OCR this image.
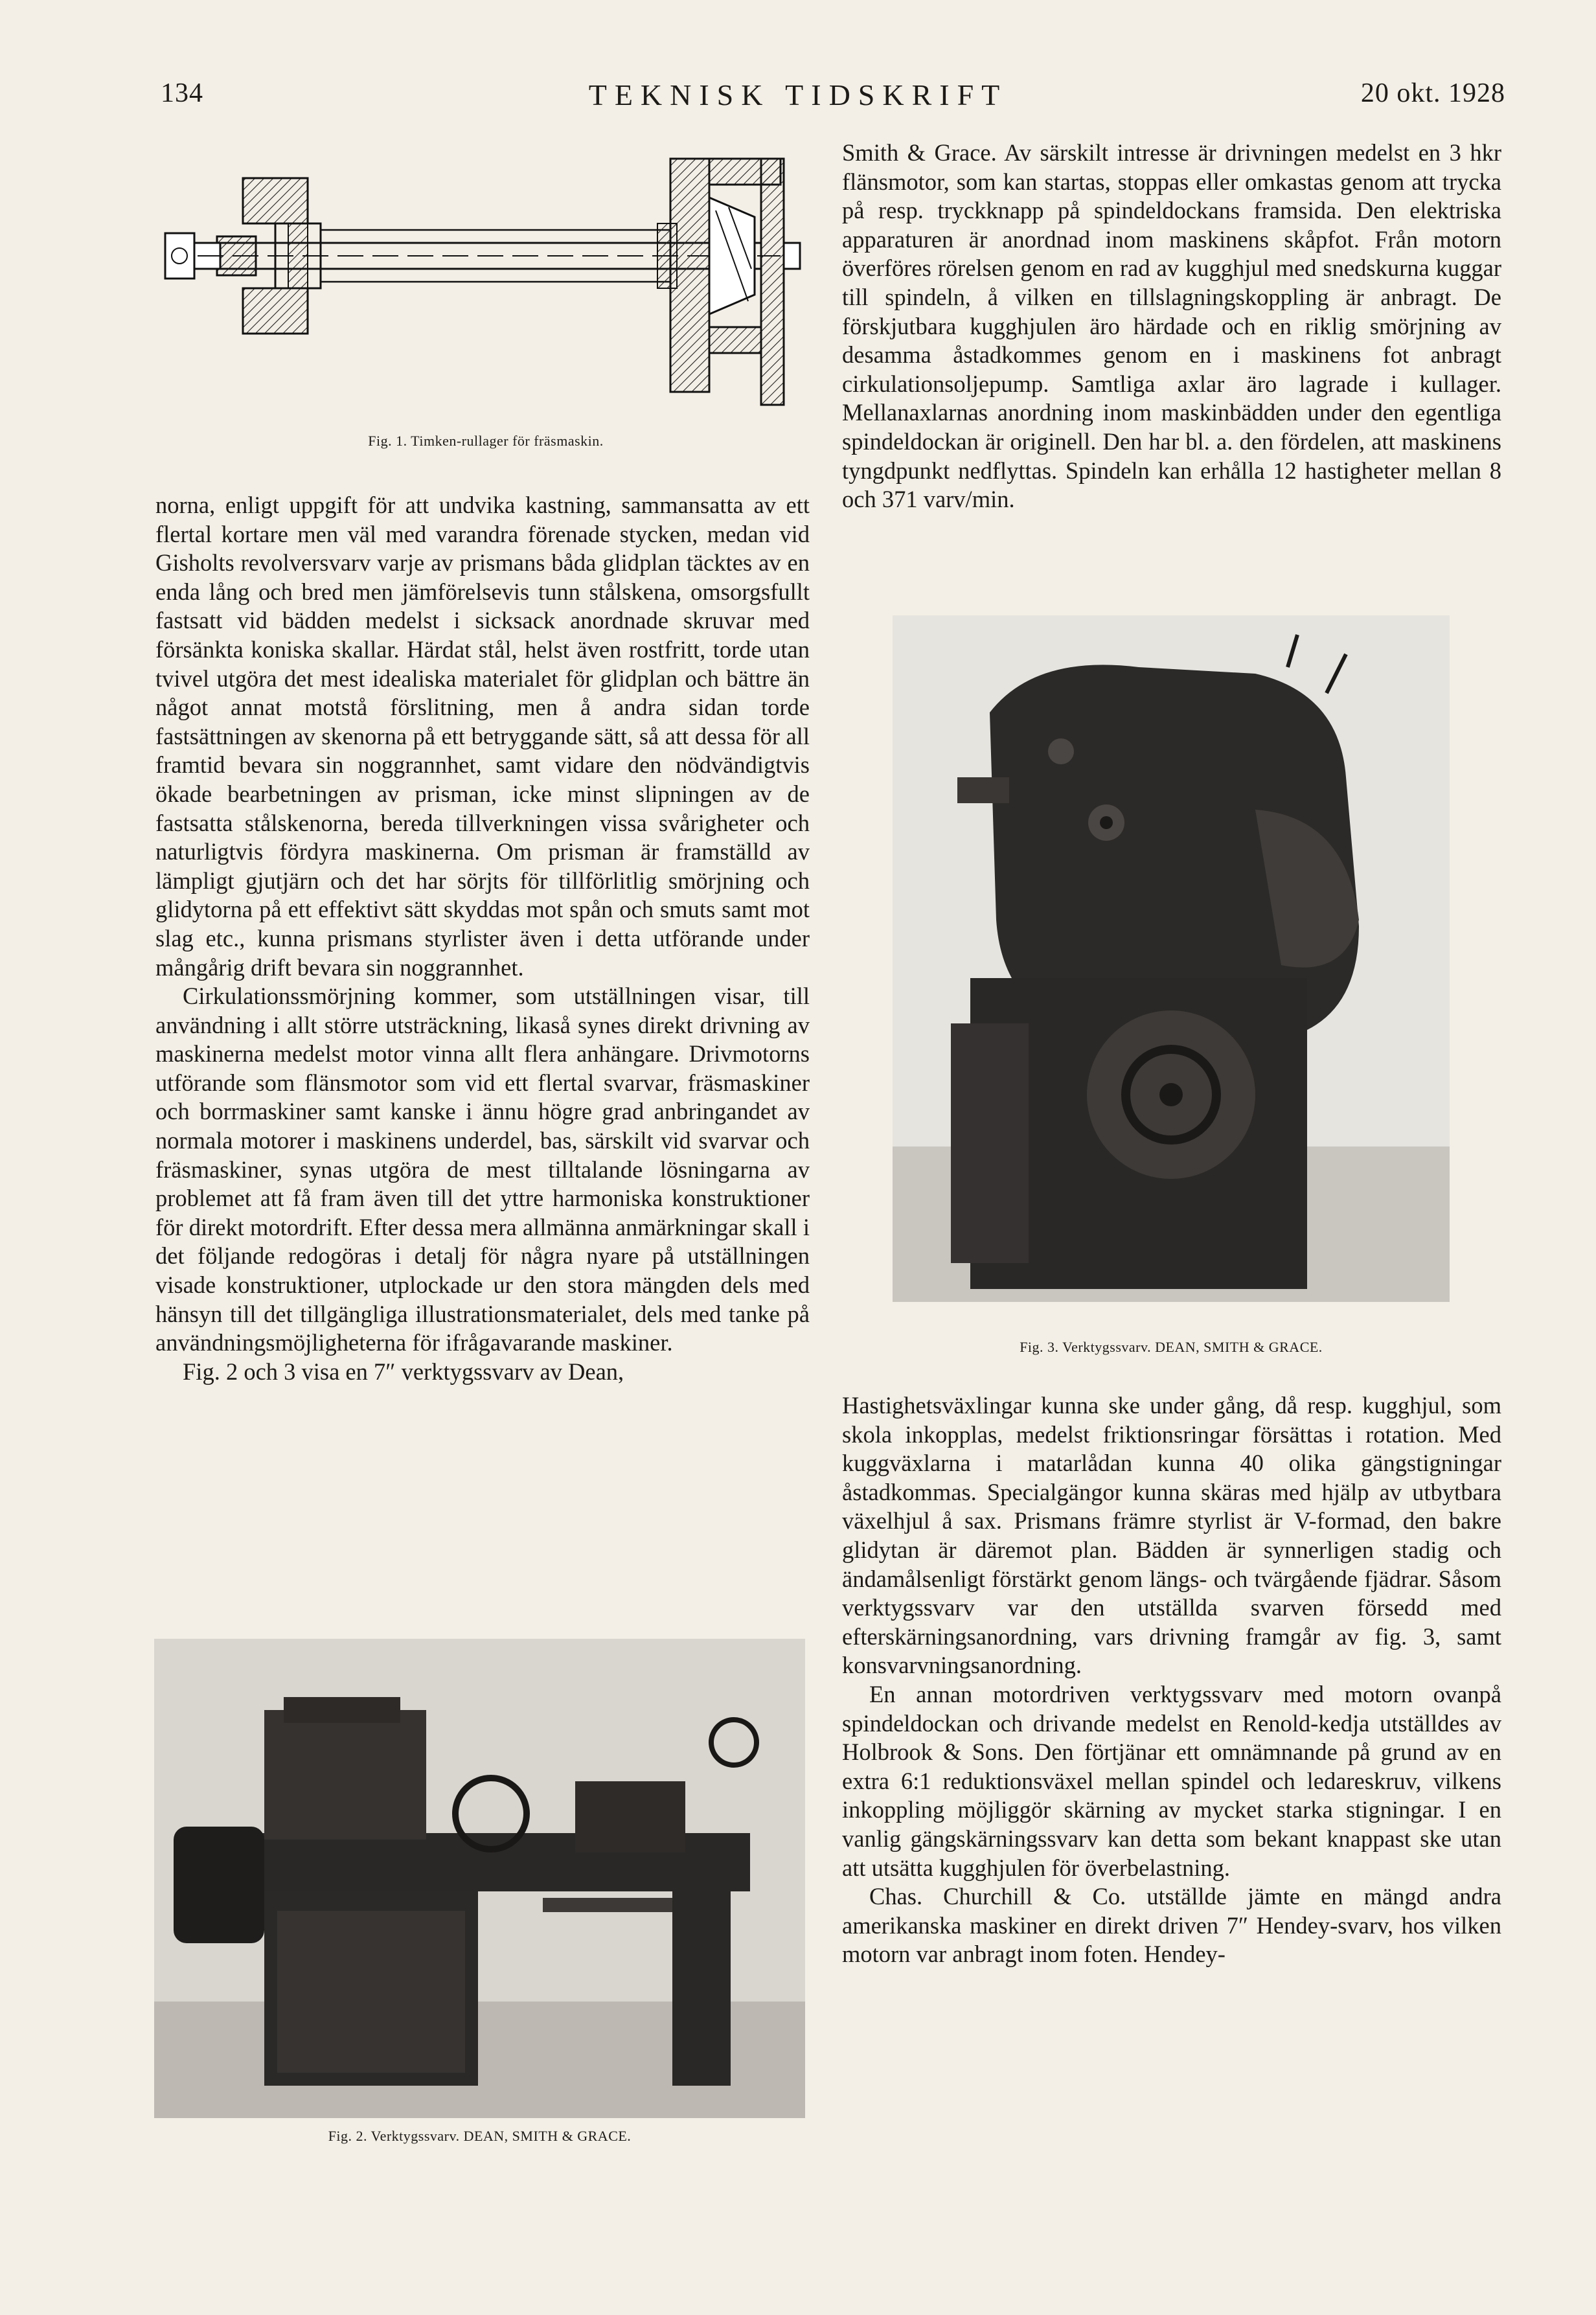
134	TEKNISK TIDSKRIFT	20 okt. 1928
Fig. 1. Timken-rullager för fräsmaskin.

norna, enligt uppgift för att undvika kastning, sammansatta av ett flertal kortare men väl med varandra förenade stycken, medan vid Gisholts revolversvarv varje av prismans båda glidplan täcktes av en enda lång och bred men jämförelsevis tunn stålskena, omsorgsfullt fastsatt vid bädden medelst i sicksack anordnade skruvar med försänkta koniska skallar. Härdat stål, helst även rostfritt, torde utan tvivel utgöra det mest idealiska materialet för glidplan och bättre än något annat motstå förslitning, men å andra sidan torde fastsättningen av skenorna på ett betryggande sätt, så att dessa för all framtid bevara sin noggrannhet, samt vidare den nödvändigtvis ökade bearbetningen av prisman, icke minst slipningen av de fastsatta stålskenorna, bereda tillverkningen vissa svårigheter och naturligtvis fördyra maskinerna. Om prisman är framställd av lämpligt gjutjärn och det har sörjts för tillförlitlig smörjning och glidytorna på ett effektivt sätt skyddas mot spån och smuts samt mot slag etc., kunna prismans styrlister även i detta utförande under mångårig drift bevara sin noggrannhet.

Cirkulationssmörjning kommer, som utställningen visar, till användning i allt större utsträckning, likaså synes direkt drivning av maskinerna medelst motor vinna allt flera anhängare. Drivmotorns utförande som flänsmotor som vid ett flertal svarvar, fräsmaskiner och borrmaskiner samt kanske i ännu högre grad anbringandet av normala motorer i maskinens underdel, bas, särskilt vid svarvar och fräsmaskiner, synas utgöra de mest tilltalande lösningarna av problemet att få fram även till det yttre harmoniska konstruktioner för direkt motordrift. Efter dessa mera allmänna anmärkningar skall i det följande redogöras i detalj för några nyare på utställningen visade konstruktioner, utplockade ur den stora mängden dels med hänsyn till det tillgängliga illustrationsmaterialet, dels med tanke på användningsmöjligheterna för ifrågavarande maskiner.

Fig. 2 och 3 visa en 7″ verktygssvarv av Dean,

Fig. 2. Verktygssvarv. DEAN, SMITH & GRACE.

Smith & Grace. Av särskilt intresse är drivningen medelst en 3 hkr flänsmotor, som kan startas, stoppas eller omkastas genom att trycka på resp. tryckknapp på spindeldockans framsida. Den elektriska apparaturen är anordnad inom maskinens skåpfot. Från motorn överföres rörelsen genom en rad av kugghjul med snedskurna kuggar till spindeln, å vilken en tillslagningskoppling är anbragt. De förskjutbara kugghjulen äro härdade och en riklig smörjning av desamma åstadkommes genom en i maskinens fot anbragt cirkulationsoljepump. Samtliga axlar äro lagrade i kullager. Mellanaxlarnas anordning inom maskinbädden under den egentliga spindeldockan är originell. Den har bl. a. den fördelen, att maskinens tyngdpunkt nedflyttas. Spindeln kan erhålla 12 hastigheter mellan 8 och 371 varv/min.

Fig. 3. Verktygssvarv. DEAN, SMITH & GRACE.

Hastighetsväxlingar kunna ske under gång, då resp. kugghjul, som skola inkopplas, medelst friktionsringar försättas i rotation. Med kuggväxlarna i matarlådan kunna 40 olika gängstigningar åstadkommas. Specialgängor kunna skäras med hjälp av utbytbara växelhjul å sax. Prismans främre styrlist är V-formad, den bakre glidytan är däremot plan. Bädden är synnerligen stadig och ändamålsenligt förstärkt genom längs- och tvärgående fjädrar. Såsom verktygssvarv var den utställda svarven försedd med efterskärningsanordning, vars drivning framgår av fig. 3, samt konsvarvningsanordning.

En annan motordriven verktygssvarv med motorn ovanpå spindeldockan och drivande medelst en Renold-kedja utställdes av Holbrook & Sons. Den förtjänar ett omnämnande på grund av en extra 6:1 reduktionsväxel mellan spindel och ledareskruv, vilkens inkoppling möjliggör skärning av mycket starka stigningar. I en vanlig gängskärningssvarv kan detta som bekant knappast ske utan att utsätta kugghjulen för överbelastning.

Chas. Churchill & Co. utställde jämte en mängd andra amerikanska maskiner en direkt driven 7″ Hendey-svarv, hos vilken motorn var anbragt inom foten. Hendey-
